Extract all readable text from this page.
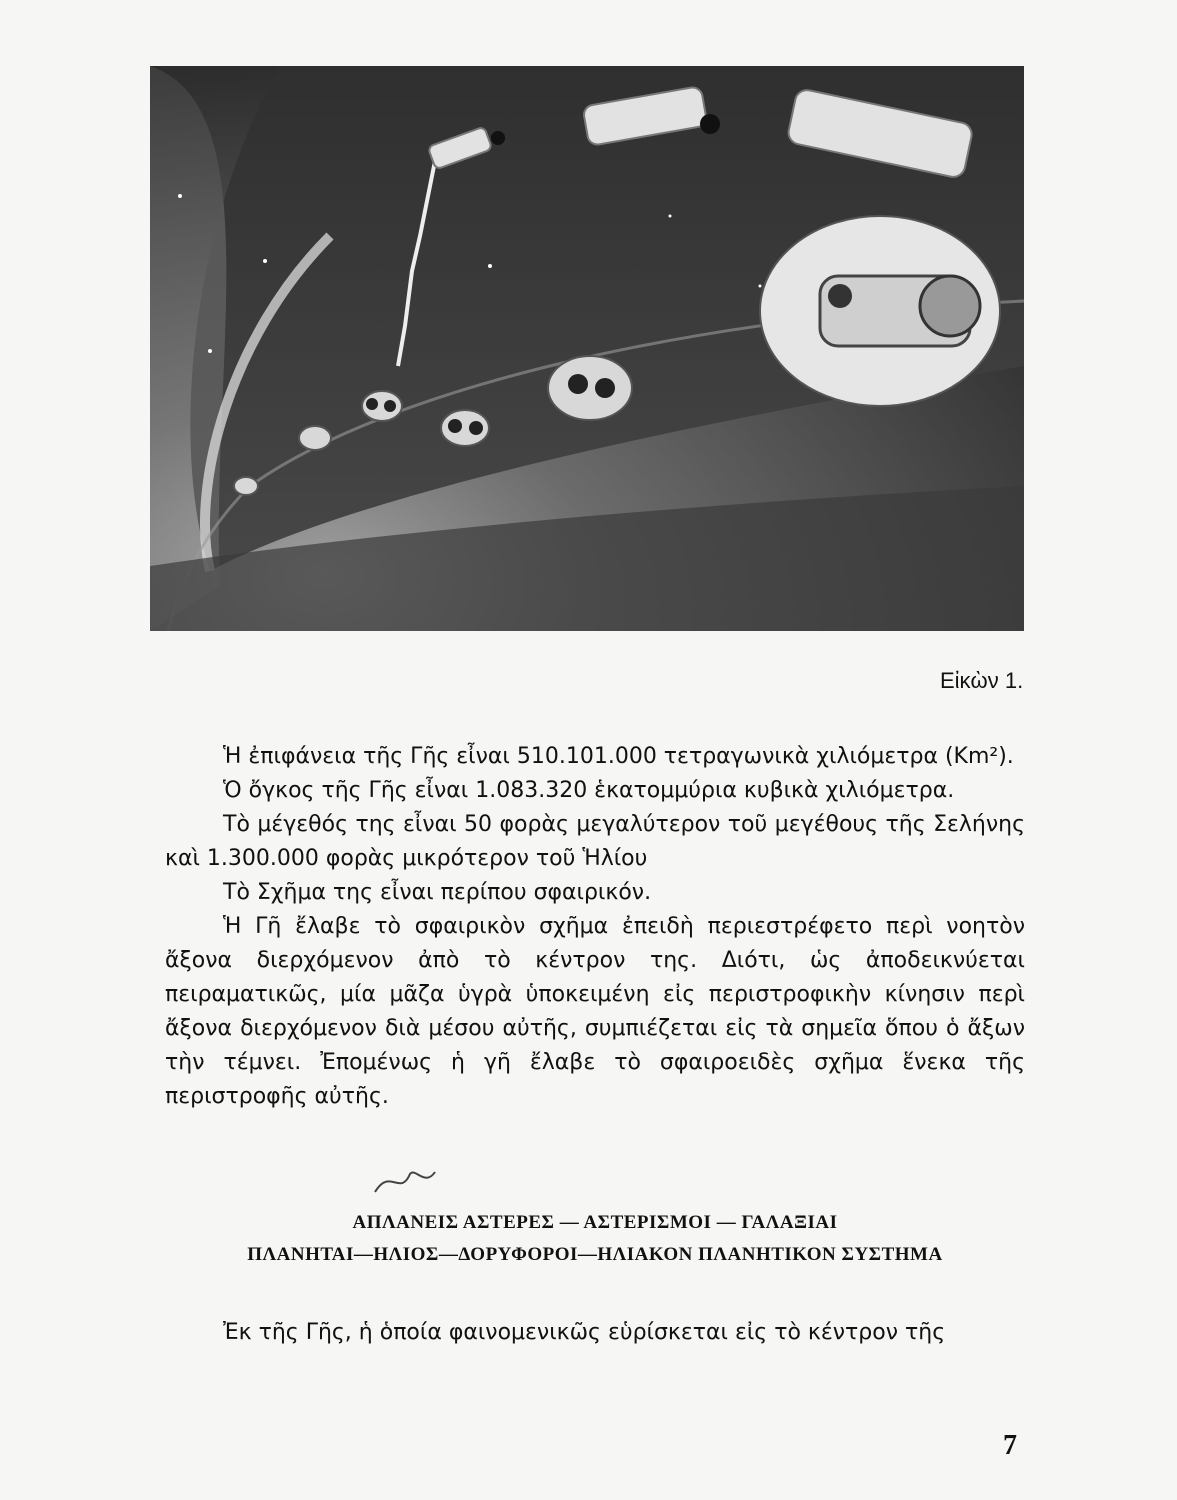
Εἰκὼν 1.

Ἡ ἐπιφάνεια τῆς Γῆς εἶναι 510.101.000 τετραγωνικὰ χιλιόμετρα (Km²).

Ὁ ὄγκος τῆς Γῆς εἶναι 1.083.320 ἑκατομμύρια κυβικὰ χιλιόμετρα.

Τὸ μέγεθός της εἶναι 50 φορὰς μεγαλύτερον τοῦ μεγέθους τῆς Σελήνης καὶ 1.300.000 φορὰς μικρότερον τοῦ Ἡλίου

Τὸ Σχῆμα της εἶναι περίπου σφαιρικόν.

Ἡ Γῆ ἔλαβε τὸ σφαιρικὸν σχῆμα ἐπειδὴ περιεστρέφετο περὶ νοητὸν ἄξονα διερχόμενον ἀπὸ τὸ κέντρον της. Διότι, ὡς ἀποδεικνύεται πειραματικῶς, μία μᾶζα ὑγρὰ ὑποκειμένη εἰς περιστροφικὴν κίνησιν περὶ ἄξονα διερχόμενον διὰ μέσου αὐτῆς, συμπιέζεται εἰς τὰ σημεῖα ὅπου ὁ ἄξων τὴν τέμνει. Ἐπομένως ἡ γῆ ἔλαβε τὸ σφαιροειδὲς σχῆμα ἕνεκα τῆς περιστροφῆς αὐτῆς.

ΑΠΛΑΝΕΙΣ ΑΣΤΕΡΕΣ — ΑΣΤΕΡΙΣΜΟΙ — ΓΑΛΑΞΙΑΙ
ΠΛΑΝΗΤΑΙ—ΗΛΙΟΣ—ΔΟΡΥΦΟΡΟΙ—ΗΛΙΑΚΟΝ ΠΛΑΝΗΤΙΚΟΝ ΣΥΣΤΗΜΑ

Ἐκ τῆς Γῆς, ἡ ὁποία φαινομενικῶς εὑρίσκεται εἰς τὸ κέντρον τῆς

7
